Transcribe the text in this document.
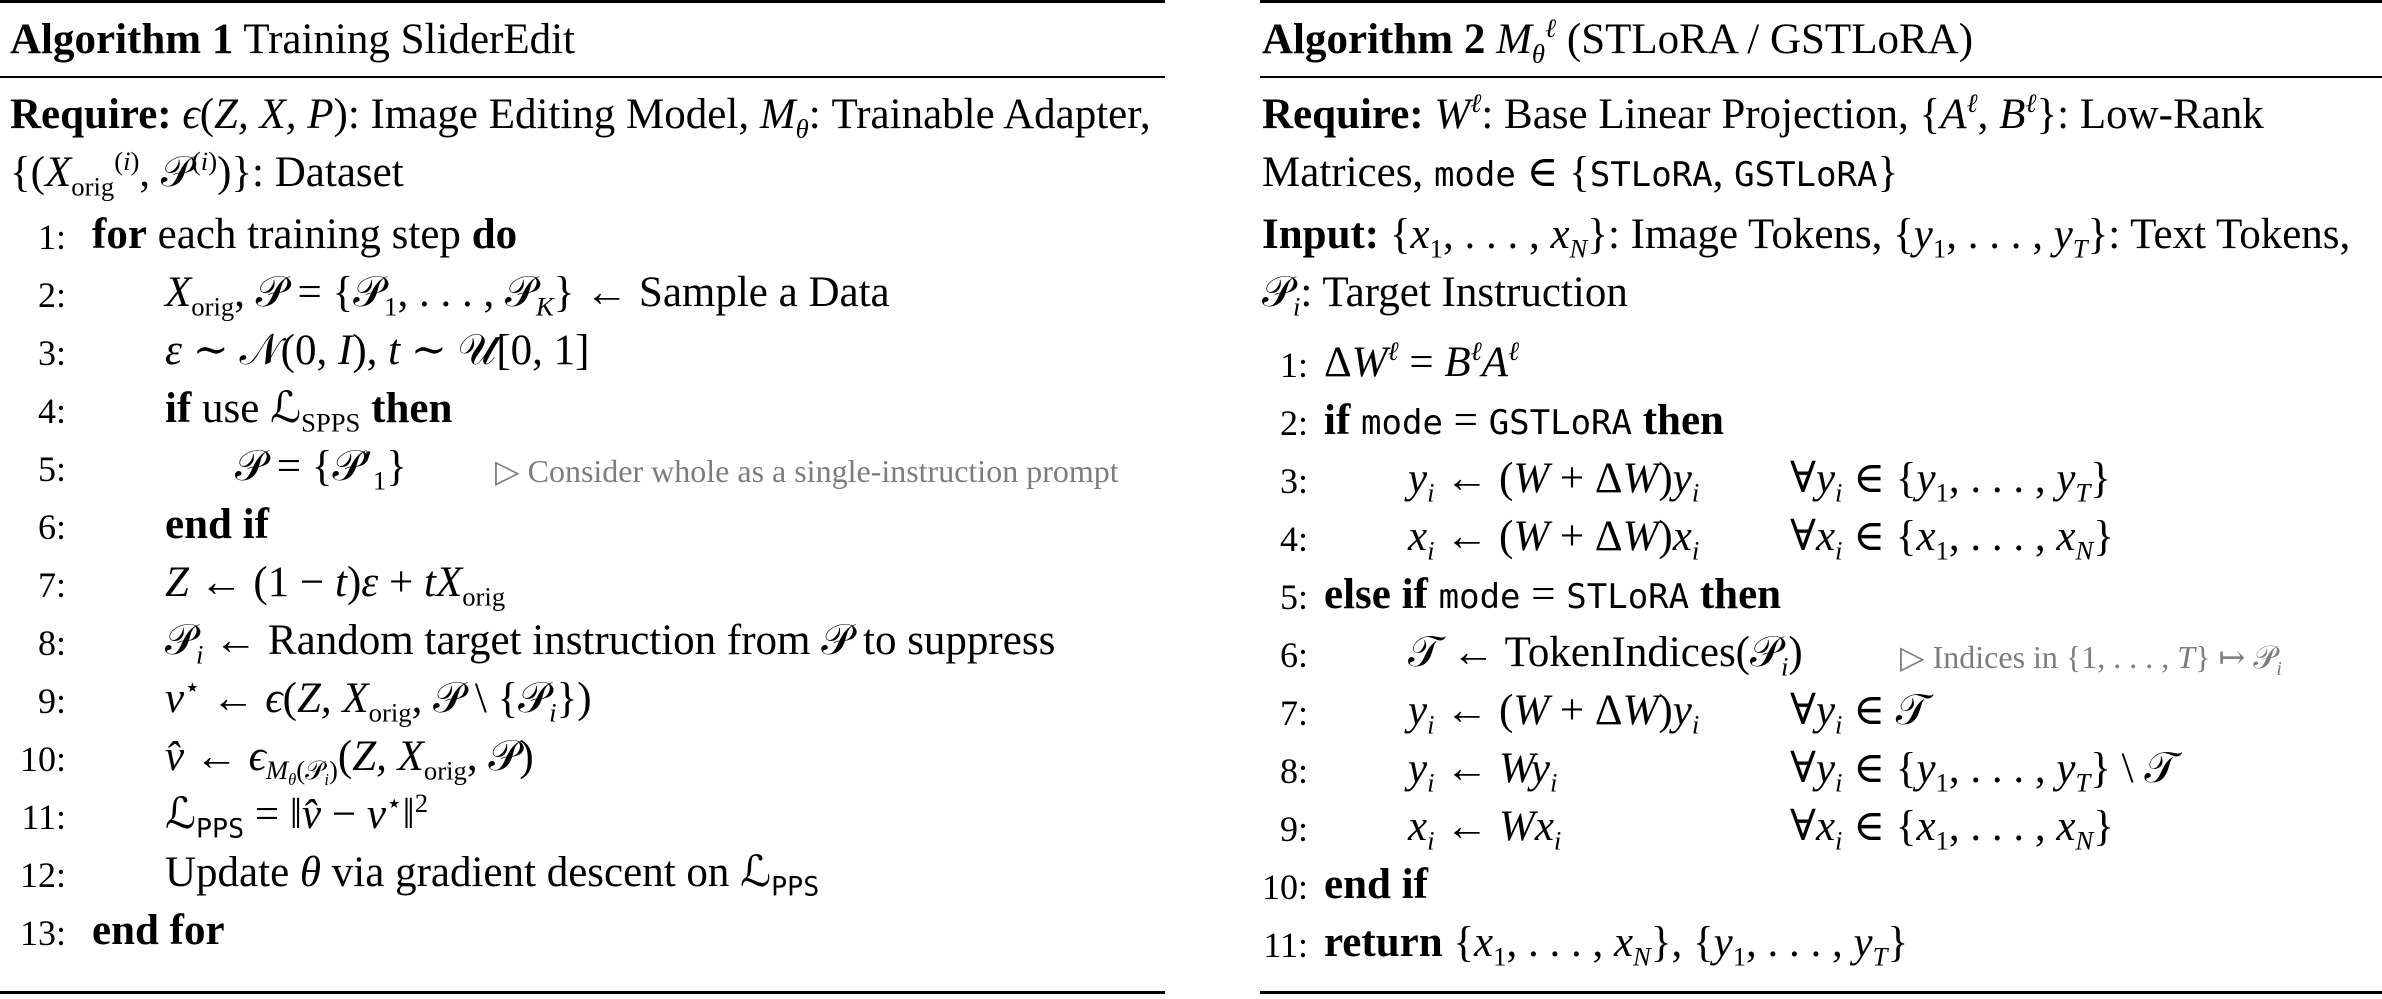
Algorithm 1 Training SliderEdit
Require: ϵ(Z, X, P): Image Editing Model, $M_\theta$: Trainable Adapter, {($X_{orig}^{(i)}$, 𝒫$^{(i)}$)}: Dataset
1: for each training step do
2: $X_{orig}$, 𝒫 = {𝒫$_1$, . . . , 𝒫$_K$} ← Sample a Data
3: ε ∼ 𝒩(0, I), t ∼ 𝒰[0, 1]
4: if use ℒ$_{SPPS}$ then
5:	𝒫 = $\{𝒫'_1\}$	▷ Consider whole as a single-instruction prompt
6: end if
7: Z ← $(1 - t)\varepsilon + tX_{orig}$
8: 𝒫$_i$ ← Random target instruction from 𝒫 to suppress
9: v⋆ ← ϵ(Z, $X_{orig}$, 𝒫 \ {𝒫$_i$})
10: v̂ ← $\epsilon_{M_\theta(𝒫_i)}(Z$, $X_{orig}$, 𝒫)
11: ℒ$_{PPS}$ = ‖v̂ − v⋆‖$^2$
12: Update θ via gradient descent on ℒ$_{PPS}$
13: end for
Algorithm 2 $M_\theta^\ell$ (STLoRA / GSTLoRA)
Require: $W^\ell$: Base Linear Projection, {$A^\ell$, $B^\ell$}: Low-Rank Matrices, mode ∈ {STLoRA, GSTLoRA}
Input: {$x_1$, . . . , $x_N$}: Image Tokens, {$y_1$, . . . , $y_T$}: Text Tokens, 𝒫$_i$: Target Instruction
1: $\Delta W^\ell = B^\ell A^\ell$
2: if mode = GSTLoRA then
3: $y_i$ ← $(W + \Delta W)y_i$ $\forall y_i$ ∈ {$y_1$, . . . , $y_T$}
4: $x_i$ ← $(W + \Delta W)x_i$ $\forall x_i$ ∈ {$x_1$, . . . , $x_N$}
5: else if mode = STLoRA then
6: 𝒯 ← TokenIndices(𝒫$_i$)	▷ Indices in {1, . . . , T} ↦ 𝒫$_i$
7: $y_i$ ← $(W + \Delta W)y_i$ $\forall y_i$ ∈ 𝒯
8: $y_i$ ← $Wy_i$	$\forall y_i$ ∈ {$y_1$, . . . , $y_T$} \ 𝒯
9: $x_i$ ← $Wx_i$	$\forall x_i$ ∈ {$x_1$, . . . , $x_N$}
10: end if
11: return {$x_1$, . . . , $x_N$}, {$y_1$, . . . , $y_T$}
